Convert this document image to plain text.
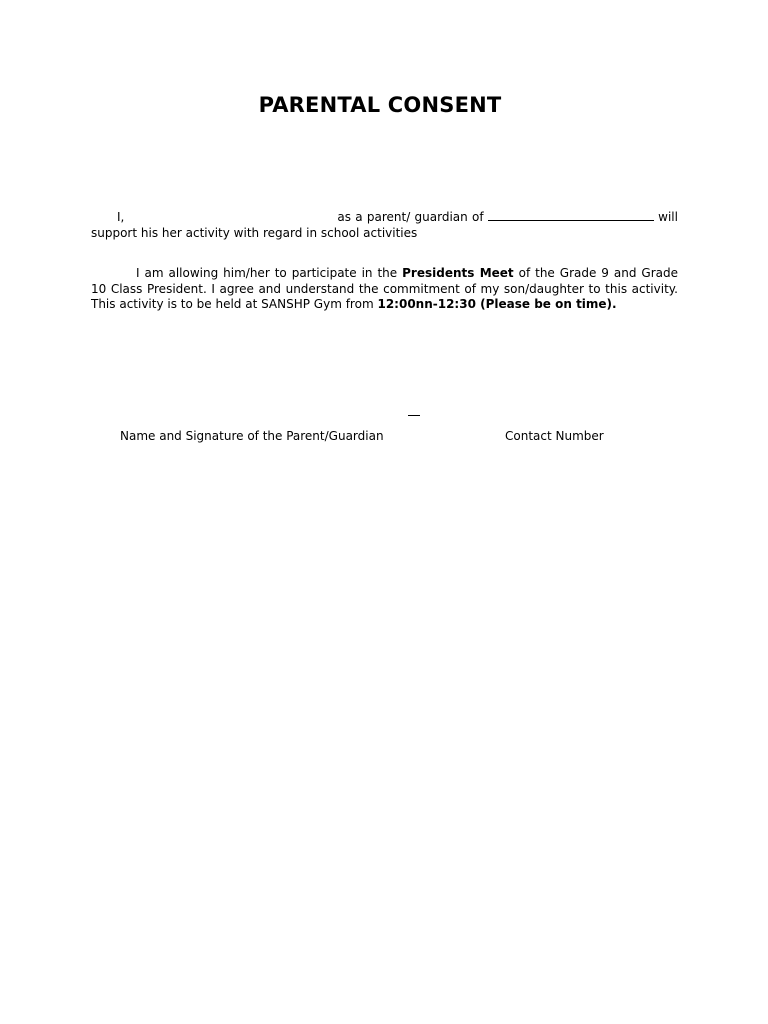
PARENTAL CONSENT
I,	as a parent/ guardian of	will support his her activity with regard in school activities
I am allowing him/her to participate in the Presidents Meet of the Grade 9 and Grade 10 Class President. I agree and understand the commitment of my son/daughter to this activity. This activity is to be held at SANSHP Gym from 12:00nn-12:30 (Please be on time).
Name and Signature of the Parent/Guardian	Contact Number
